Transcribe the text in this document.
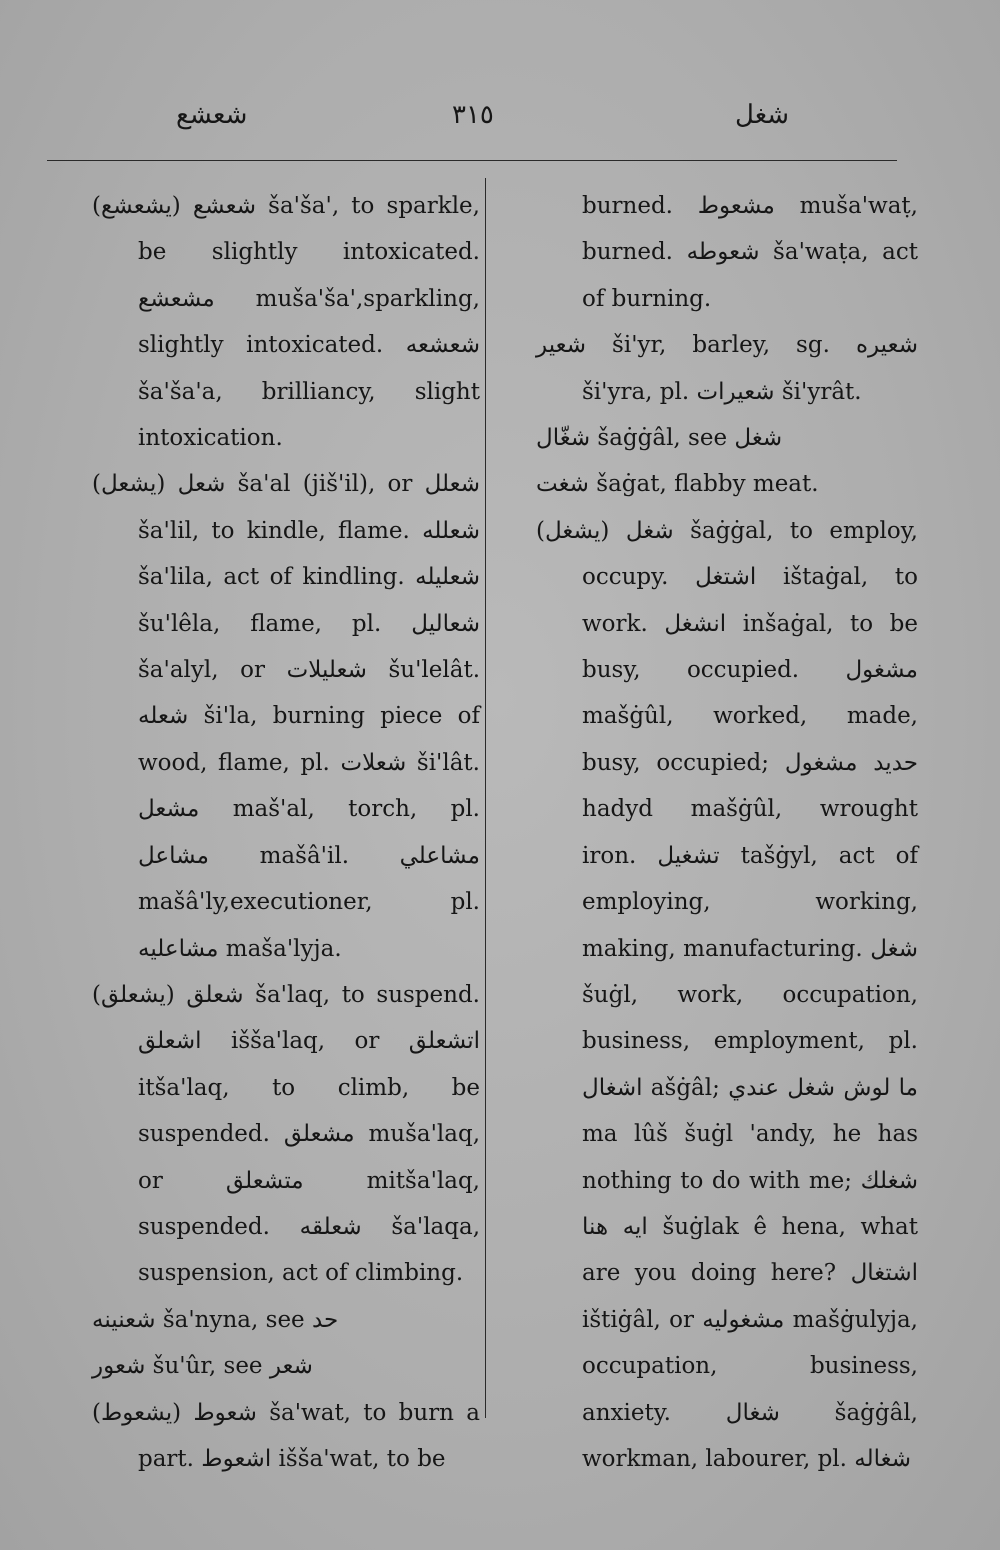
شعشع	٣١٥	شغل

شعشع (يشعشع) ša'ša', to sparkle, be slightly intoxicated. مشعشع muša'ša',sparkling, slightly intoxicated. شعشعه ša'ša'a, brilliancy, slight intoxication.

شعل (يشعل) ša'al (jiš'il), or شعلل ša'lil, to kindle, flame. شعلله ša'lila, act of kindling. شعليله šu'lêla, flame, pl. شعاليل ša'alyl, or شعليلات šu'lelât. شعله ši'la, burning piece of wood, flame, pl. شعلات ši'lât. مشعل maš'al, torch, pl. مشاعل mašâ'il. مشاعلي mašâ'ly,executioner, pl. مشاعليه maša'lyja.

شعلق (يشعلق) ša'laq, to suspend. اشعلق išša'laq, or اتشعلق itša'laq, to climb, be suspended. مشعلق muša'laq, or متشعلق mitša'laq, suspended. شعلقه ša'laqa, suspension, act of climbing.

شعنينه ša'nyna, see حد

شعور šu'ûr, see شعر

شعوط (يشعوط) ša'wat, to burn a part. اشعوط išša'wat, to be

burned. مشعوط muša'waṭ, burned. شعوطه ša'waṭa, act of burning.

شعير ši'yr, barley, sg. شعيره ši'yra, pl. شعيرات ši'yrât.

شغّال šaġġâl, see شغل

شغت šaġat, flabby meat.

شغل (يشغل) šaġġal, to employ, occupy. اشتغل ištaġal, to work. انشغل inšaġal, to be busy, occupied. مشغول mašġûl, worked, made, busy, occupied; حديد مشغول hadyd mašġûl, wrought iron. تشغيل tašġyl, act of employing, working, making, manufacturing. شغل šuġl, work, occupation, business, employment, pl. اشغال ašġâl; ما لوش شغل عندي ma lûš šuġl 'andy, he has nothing to do with me; شغلك ايه هنا šuġlak ê hena, what are you doing here? اشتغال ištiġâl, or مشغوليه mašġulyja, occupation, business, anxiety. شغال šaġġâl, workman, labourer, pl. شغاله
